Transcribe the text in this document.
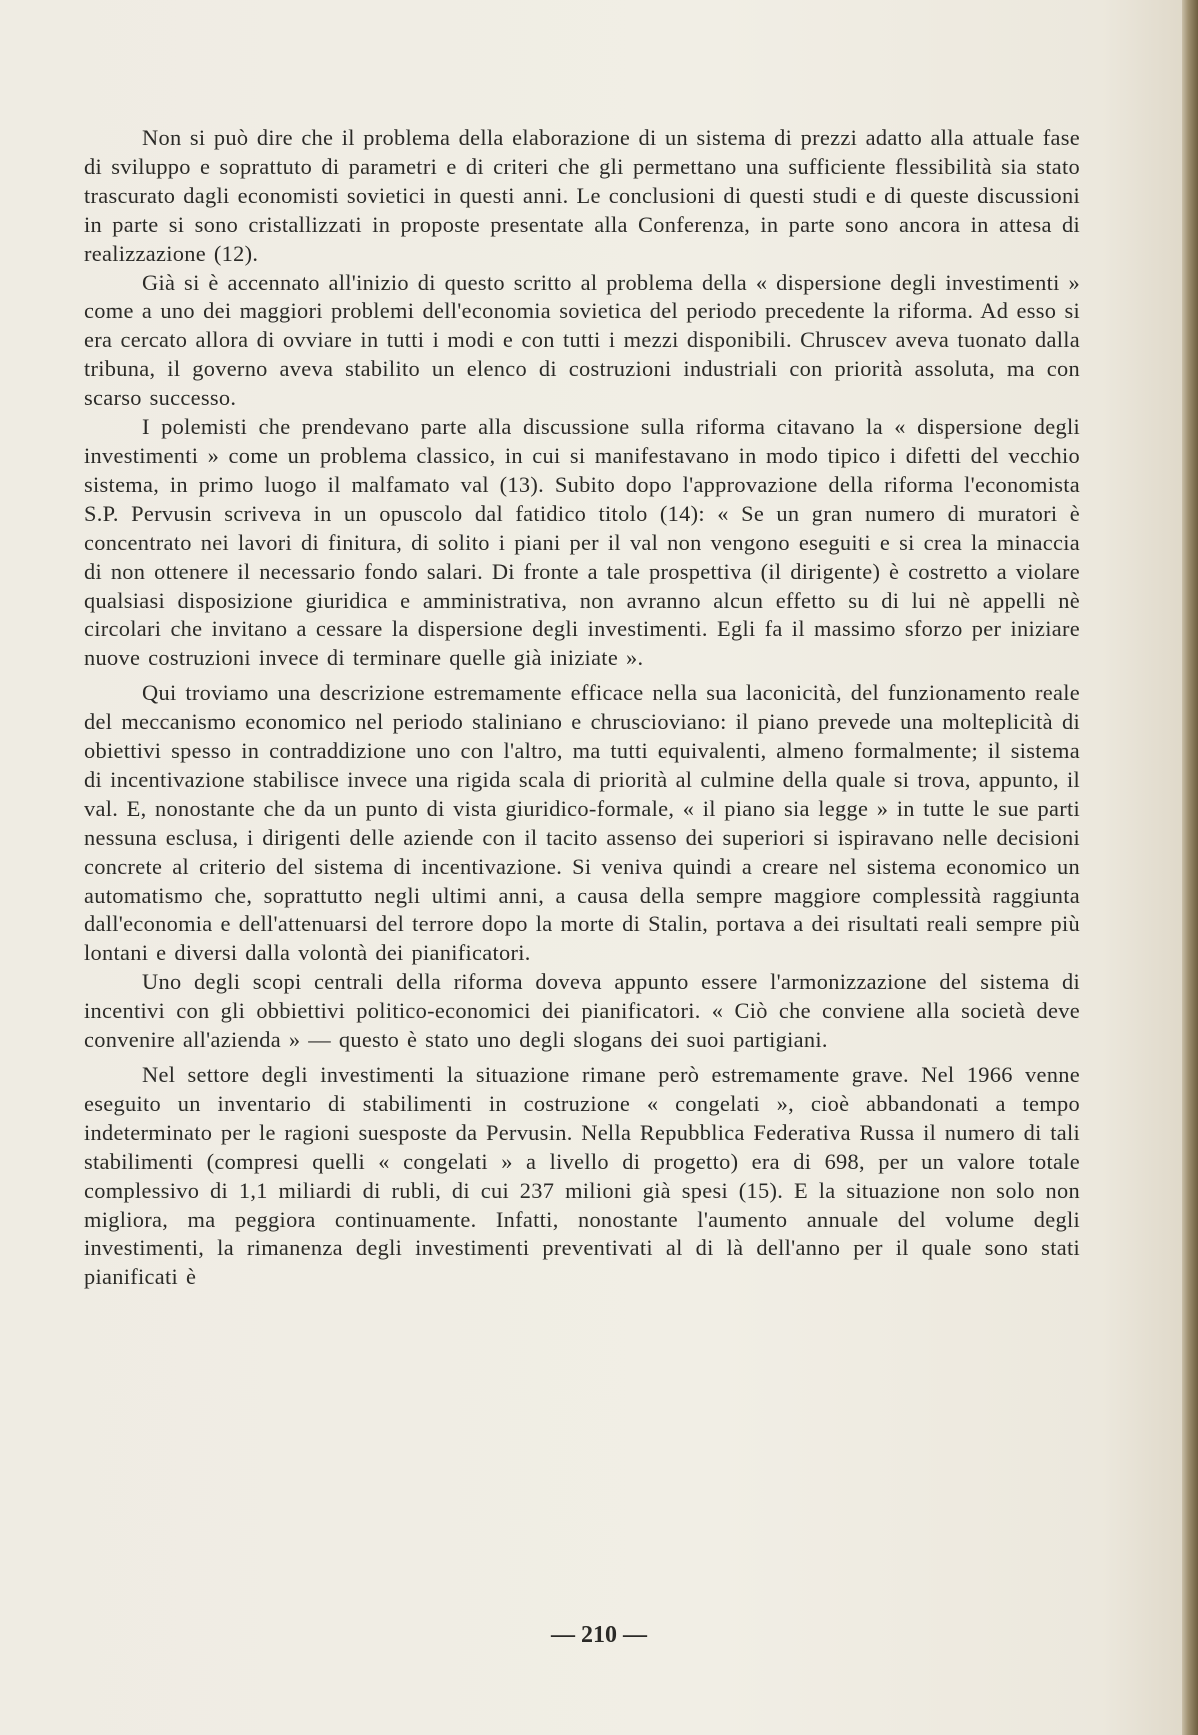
Non si può dire che il problema della elaborazione di un sistema di prezzi adatto alla attuale fase di sviluppo e soprattuto di parametri e di criteri che gli permettano una sufficiente flessibilità sia stato trascurato dagli economisti sovietici in questi anni. Le conclusioni di questi studi e di queste discussioni in parte si sono cristallizzati in proposte presentate alla Conferenza, in parte sono ancora in attesa di realizzazione (12).

Già si è accennato all'inizio di questo scritto al problema della « dispersione degli investimenti » come a uno dei maggiori problemi dell'economia sovietica del periodo precedente la riforma. Ad esso si era cercato allora di ovviare in tutti i modi e con tutti i mezzi disponibili. Chruscev aveva tuonato dalla tribuna, il governo aveva stabilito un elenco di costruzioni industriali con priorità assoluta, ma con scarso successo.

I polemisti che prendevano parte alla discussione sulla riforma citavano la « dispersione degli investimenti » come un problema classico, in cui si manifestavano in modo tipico i difetti del vecchio sistema, in primo luogo il malfamato val (13). Subito dopo l'approvazione della riforma l'economista S.P. Pervusin scriveva in un opuscolo dal fatidico titolo (14): « Se un gran numero di muratori è concentrato nei lavori di finitura, di solito i piani per il val non vengono eseguiti e si crea la minaccia di non ottenere il necessario fondo salari. Di fronte a tale prospettiva (il dirigente) è costretto a violare qualsiasi disposizione giuridica e amministrativa, non avranno alcun effetto su di lui nè appelli nè circolari che invitano a cessare la dispersione degli investimenti. Egli fa il massimo sforzo per iniziare nuove costruzioni invece di terminare quelle già iniziate ».

Qui troviamo una descrizione estremamente efficace nella sua laconicità, del funzionamento reale del meccanismo economico nel periodo staliniano e chruscioviano: il piano prevede una molteplicità di obiettivi spesso in contraddizione uno con l'altro, ma tutti equivalenti, almeno formalmente; il sistema di incentivazione stabilisce invece una rigida scala di priorità al culmine della quale si trova, appunto, il val. E, nonostante che da un punto di vista giuridico-formale, « il piano sia legge » in tutte le sue parti nessuna esclusa, i dirigenti delle aziende con il tacito assenso dei superiori si ispiravano nelle decisioni concrete al criterio del sistema di incentivazione. Si veniva quindi a creare nel sistema economico un automatismo che, soprattutto negli ultimi anni, a causa della sempre maggiore complessità raggiunta dall'economia e dell'attenuarsi del terrore dopo la morte di Stalin, portava a dei risultati reali sempre più lontani e diversi dalla volontà dei pianificatori.

Uno degli scopi centrali della riforma doveva appunto essere l'armonizzazione del sistema di incentivi con gli obbiettivi politico-economici dei pianificatori. « Ciò che conviene alla società deve convenire all'azienda » — questo è stato uno degli slogans dei suoi partigiani.

Nel settore degli investimenti la situazione rimane però estremamente grave. Nel 1966 venne eseguito un inventario di stabilimenti in costruzione « congelati », cioè abbandonati a tempo indeterminato per le ragioni suesposte da Pervusin. Nella Repubblica Federativa Russa il numero di tali stabilimenti (compresi quelli « congelati » a livello di progetto) era di 698, per un valore totale complessivo di 1,1 miliardi di rubli, di cui 237 milioni già spesi (15). E la situazione non solo non migliora, ma peggiora continuamente. Infatti, nonostante l'aumento annuale del volume degli investimenti, la rimanenza degli investimenti preventivati al di là dell'anno per il quale sono stati pianificati è

— 210 —
